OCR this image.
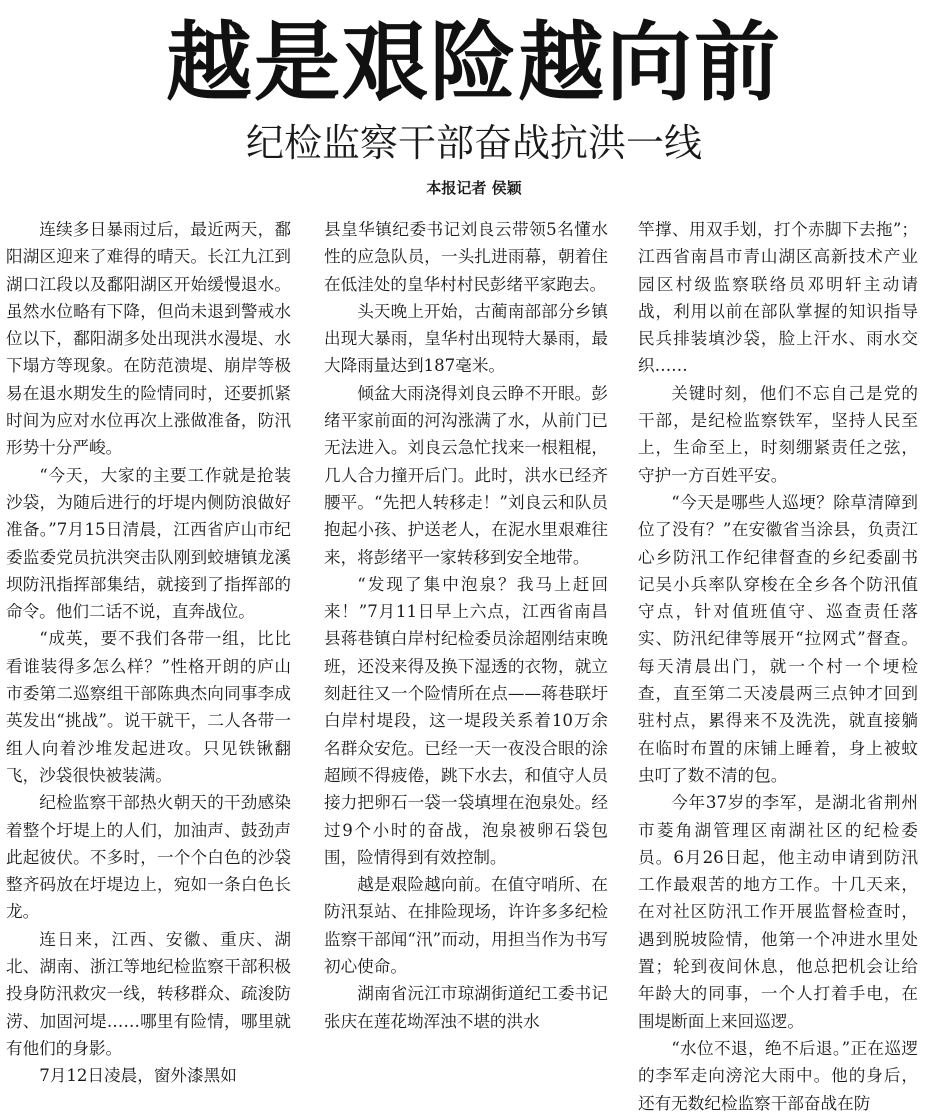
越是艰险越向前
纪检监察干部奋战抗洪一线
本报记者 侯颖

连续多日暴雨过后，最近两天，鄱阳湖区迎来了难得的晴天。长江九江到湖口江段以及鄱阳湖区开始缓慢退水。虽然水位略有下降，但尚未退到警戒水位以下，鄱阳湖多处出现洪水漫堤、水下塌方等现象。在防范溃堤、崩岸等极易在退水期发生的险情同时，还要抓紧时间为应对水位再次上涨做准备，防汛形势十分严峻。

“今天，大家的主要工作就是抢装沙袋，为随后进行的圩堤内侧防浪做好准备。”7月15日清晨，江西省庐山市纪委监委党员抗洪突击队刚到蛟塘镇龙溪坝防汛指挥部集结，就接到了指挥部的命令。他们二话不说，直奔战位。

“成英，要不我们各带一组，比比看谁装得多怎么样？”性格开朗的庐山市委第二巡察组干部陈典杰向同事李成英发出“挑战”。说干就干，二人各带一组人向着沙堆发起进攻。只见铁锹翻飞，沙袋很快被装满。

纪检监察干部热火朝天的干劲感染着整个圩堤上的人们，加油声、鼓劲声此起彼伏。不多时，一个个白色的沙袋整齐码放在圩堤边上，宛如一条白色长龙。

连日来，江西、安徽、重庆、湖北、湖南、浙江等地纪检监察干部积极投身防汛救灾一线，转移群众、疏浚防涝、加固河堤……哪里有险情，哪里就有他们的身影。

7月12日凌晨，窗外漆黑如

县皇华镇纪委书记刘良云带领5名懂水性的应急队员，一头扎进雨幕，朝着住在低洼处的皇华村村民彭绪平家跑去。

头天晚上开始，古蔺南部部分乡镇出现大暴雨，皇华村出现特大暴雨，最大降雨量达到187毫米。

倾盆大雨浇得刘良云睁不开眼。彭绪平家前面的河沟涨满了水，从前门已无法进入。刘良云急忙找来一根粗棍，几人合力撞开后门。此时，洪水已经齐腰平。“先把人转移走！”刘良云和队员抱起小孩、护送老人，在泥水里艰难往来，将彭绪平一家转移到安全地带。

“发现了集中泡泉？我马上赶回来！”7月11日早上六点，江西省南昌县蒋巷镇白岸村纪检委员涂超刚结束晚班，还没来得及换下湿透的衣物，就立刻赶往又一个险情所在点——蒋巷联圩白岸村堤段，这一堤段关系着10万余名群众安危。已经一天一夜没合眼的涂超顾不得疲倦，跳下水去，和值守人员接力把卵石一袋一袋填埋在泡泉处。经过9个小时的奋战，泡泉被卵石袋包围，险情得到有效控制。

越是艰险越向前。在值守哨所、在防汛泵站、在排险现场，许许多多纪检监察干部闻“汛”而动，用担当作为书写初心使命。

湖南省沅江市琼湖街道纪工委书记张庆在莲花坳浑浊不堪的洪水

竿撑、用双手划，打个赤脚下去拖”；江西省南昌市青山湖区高新技术产业园区村级监察联络员邓明轩主动请战，利用以前在部队掌握的知识指导民兵排装填沙袋，脸上汗水、雨水交织……

关键时刻，他们不忘自己是党的干部，是纪检监察铁军，坚持人民至上，生命至上，时刻绷紧责任之弦，守护一方百姓平安。

“今天是哪些人巡埂？除草清障到位了没有？”在安徽省当涂县，负责江心乡防汛工作纪律督查的乡纪委副书记吴小兵率队穿梭在全乡各个防汛值守点，针对值班值守、巡查责任落实、防汛纪律等展开“拉网式”督查。每天清晨出门，就一个村一个埂检查，直至第二天凌晨两三点钟才回到驻村点，累得来不及洗洗，就直接躺在临时布置的床铺上睡着，身上被蚊虫叮了数不清的包。

今年37岁的李军，是湖北省荆州市菱角湖管理区南湖社区的纪检委员。6月26日起，他主动申请到防汛工作最艰苦的地方工作。十几天来，在对社区防汛工作开展监督检查时，遇到脱坡险情，他第一个冲进水里处置；轮到夜间休息，他总把机会让给年龄大的同事，一个人打着手电，在围堤断面上来回巡逻。

“水位不退，绝不后退。”正在巡逻的李军走向滂沱大雨中。他的身后，还有无数纪检监察干部奋战在防
